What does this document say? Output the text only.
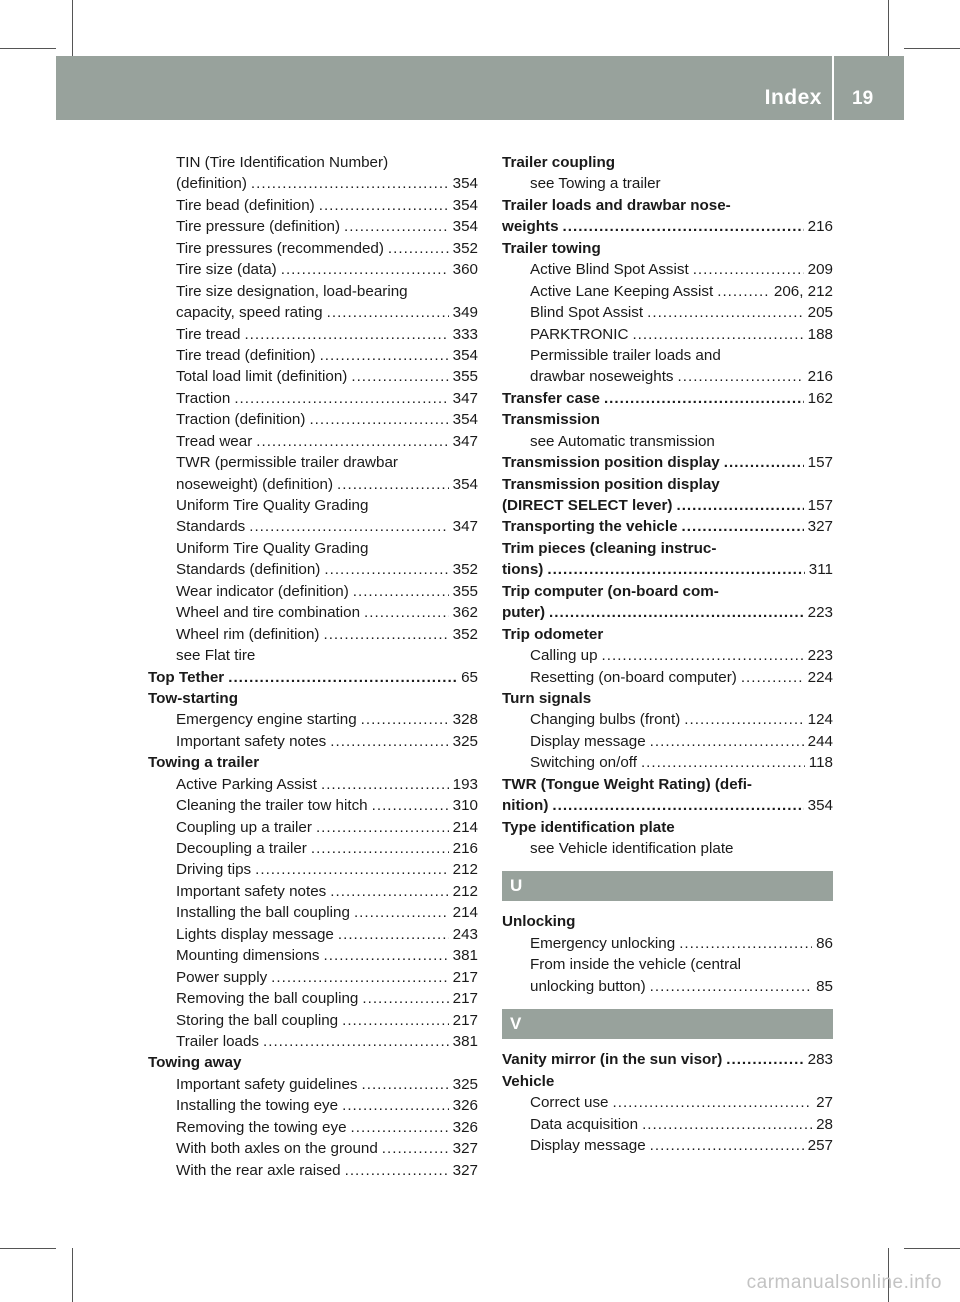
Index 19
TIN (Tire Identification Number)
(definition) .....	354
Tire bead (definition) .....	354
Tire pressure (definition) .....	354
Tire pressures (recommended) .....	352
Tire size (data) .....	360
Tire size designation, load-bearing
capacity, speed rating .....	349
Tire tread .....	333
Tire tread (definition) .....	354
Total load limit (definition) .....	355
Traction .....	347
Traction (definition) .....	354
Tread wear .....	347
TWR (permissible trailer drawbar
noseweight) (definition) .....	354
Uniform Tire Quality Grading
Standards .....	347
Uniform Tire Quality Grading
Standards (definition) .....	352
Wear indicator (definition) .....	355
Wheel and tire combination .....	362
Wheel rim (definition) .....	352
see Flat tire
Top Tether .....	65
Tow-starting
Emergency engine starting .....	328
Important safety notes .....	325
Towing a trailer
Active Parking Assist .....	193
Cleaning the trailer tow hitch .....	310
Coupling up a trailer .....	214
Decoupling a trailer .....	216
Driving tips .....	212
Important safety notes .....	212
Installing the ball coupling .....	214
Lights display message .....	243
Mounting dimensions .....	381
Power supply .....	217
Removing the ball coupling .....	217
Storing the ball coupling .....	217
Trailer loads .....	381
Towing away
Important safety guidelines .....	325
Installing the towing eye .....	326
Removing the towing eye .....	326
With both axles on the ground .....	327
With the rear axle raised .....	327
Trailer coupling
see Towing a trailer
Trailer loads and drawbar nose-
weights .....	216
Trailer towing
Active Blind Spot Assist .....	209
Active Lane Keeping Assist .....	206, 212
Blind Spot Assist .....	205
PARKTRONIC .....	188
Permissible trailer loads and
drawbar noseweights .....	216
Transfer case .....	162
Transmission
see Automatic transmission
Transmission position display .....	157
Transmission position display
(DIRECT SELECT lever) .....	157
Transporting the vehicle .....	327
Trim pieces (cleaning instruc-
tions) .....	311
Trip computer (on-board com-
puter) .....	223
Trip odometer
Calling up .....	223
Resetting (on-board computer) .....	224
Turn signals
Changing bulbs (front) .....	124
Display message .....	244
Switching on/off .....	118
TWR (Tongue Weight Rating) (defi-
nition) .....	354
Type identification plate
see Vehicle identification plate
U
Unlocking
Emergency unlocking .....	86
From inside the vehicle (central
unlocking button) .....	85
V
Vanity mirror (in the sun visor) .....	283
Vehicle
Correct use .....	27
Data acquisition .....	28
Display message .....	257
carmanualsonline.info
